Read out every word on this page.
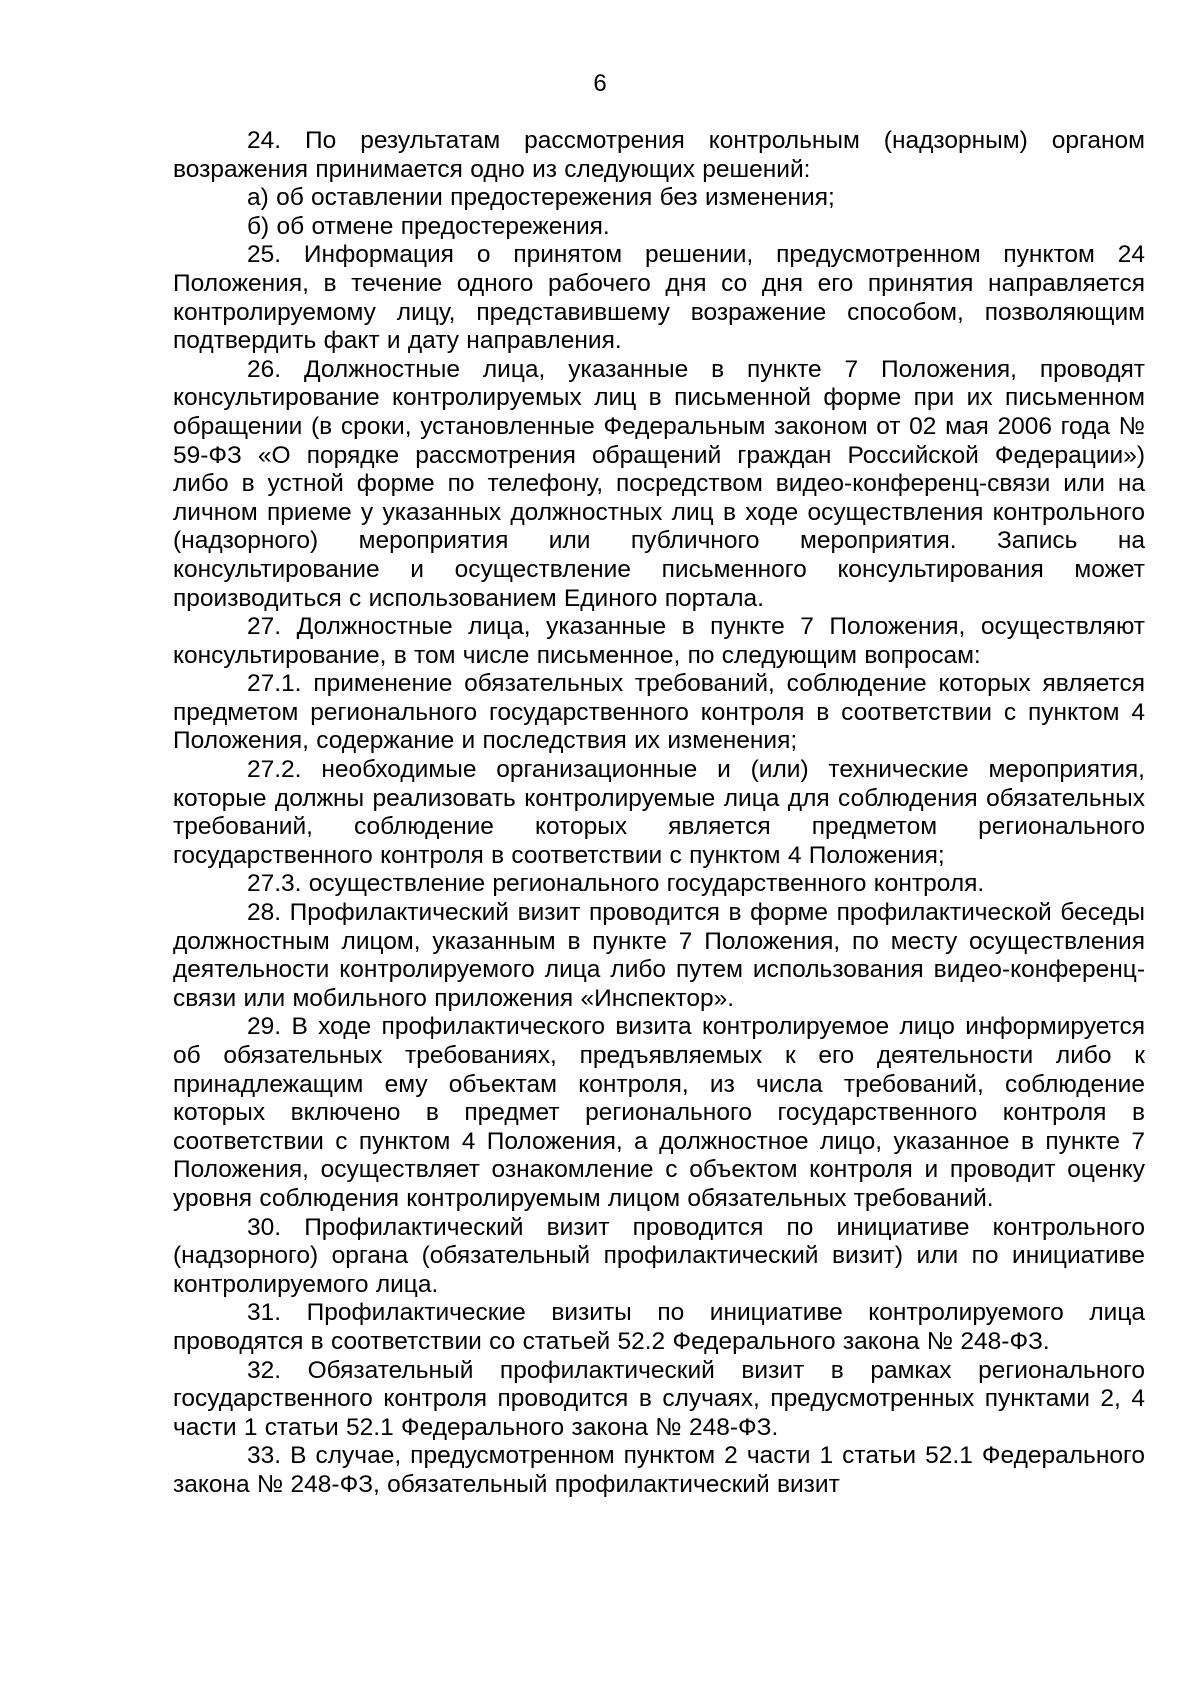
6

24. По результатам рассмотрения контрольным (надзорным) органом возражения принимается одно из следующих решений:

а) об оставлении предостережения без изменения;

б) об отмене предостережения.

25. Информация о принятом решении, предусмотренном пунктом 24 Положения, в течение одного рабочего дня со дня его принятия направляется контролируемому лицу, представившему возражение способом, позволяющим подтвердить факт и дату направления.

26. Должностные лица, указанные в пункте 7 Положения, проводят консультирование контролируемых лиц в письменной форме при их письменном обращении (в сроки, установленные Федеральным законом от 02 мая 2006 года № 59-ФЗ «О порядке рассмотрения обращений граждан Российской Федерации») либо в устной форме по телефону, посредством видео-конференц-связи или на личном приеме у указанных должностных лиц в ходе осуществления контрольного (надзорного) мероприятия или публичного мероприятия. Запись на консультирование и осуществление письменного консультирования может производиться с использованием Единого портала.

27. Должностные лица, указанные в пункте 7 Положения, осуществляют консультирование, в том числе письменное, по следующим вопросам:

27.1. применение обязательных требований, соблюдение которых является предметом регионального государственного контроля в соответствии с пунктом 4 Положения, содержание и последствия их изменения;

27.2. необходимые организационные и (или) технические мероприятия, которые должны реализовать контролируемые лица для соблюдения обязательных требований, соблюдение которых является предметом регионального государственного контроля в соответствии с пунктом 4 Положения;

27.3. осуществление регионального государственного контроля.

28. Профилактический визит проводится в форме профилактической беседы должностным лицом, указанным в пункте 7 Положения, по месту осуществления деятельности контролируемого лица либо путем использования видео-конференц-связи или мобильного приложения «Инспектор».

29. В ходе профилактического визита контролируемое лицо информируется об обязательных требованиях, предъявляемых к его деятельности либо к принадлежащим ему объектам контроля, из числа требований, соблюдение которых включено в предмет регионального государственного контроля в соответствии с пунктом 4 Положения, а должностное лицо, указанное в пункте 7 Положения, осуществляет ознакомление с объектом контроля и проводит оценку уровня соблюдения контролируемым лицом обязательных требований.

30. Профилактический визит проводится по инициативе контрольного (надзорного) органа (обязательный профилактический визит) или по инициативе контролируемого лица.

31. Профилактические визиты по инициативе контролируемого лица проводятся в соответствии со статьей 52.2 Федерального закона № 248-ФЗ.

32. Обязательный профилактический визит в рамках регионального государственного контроля проводится в случаях, предусмотренных пунктами 2, 4 части 1 статьи 52.1 Федерального закона № 248-ФЗ.

33. В случае, предусмотренном пунктом 2 части 1 статьи 52.1 Федерального закона № 248-ФЗ, обязательный профилактический визит
